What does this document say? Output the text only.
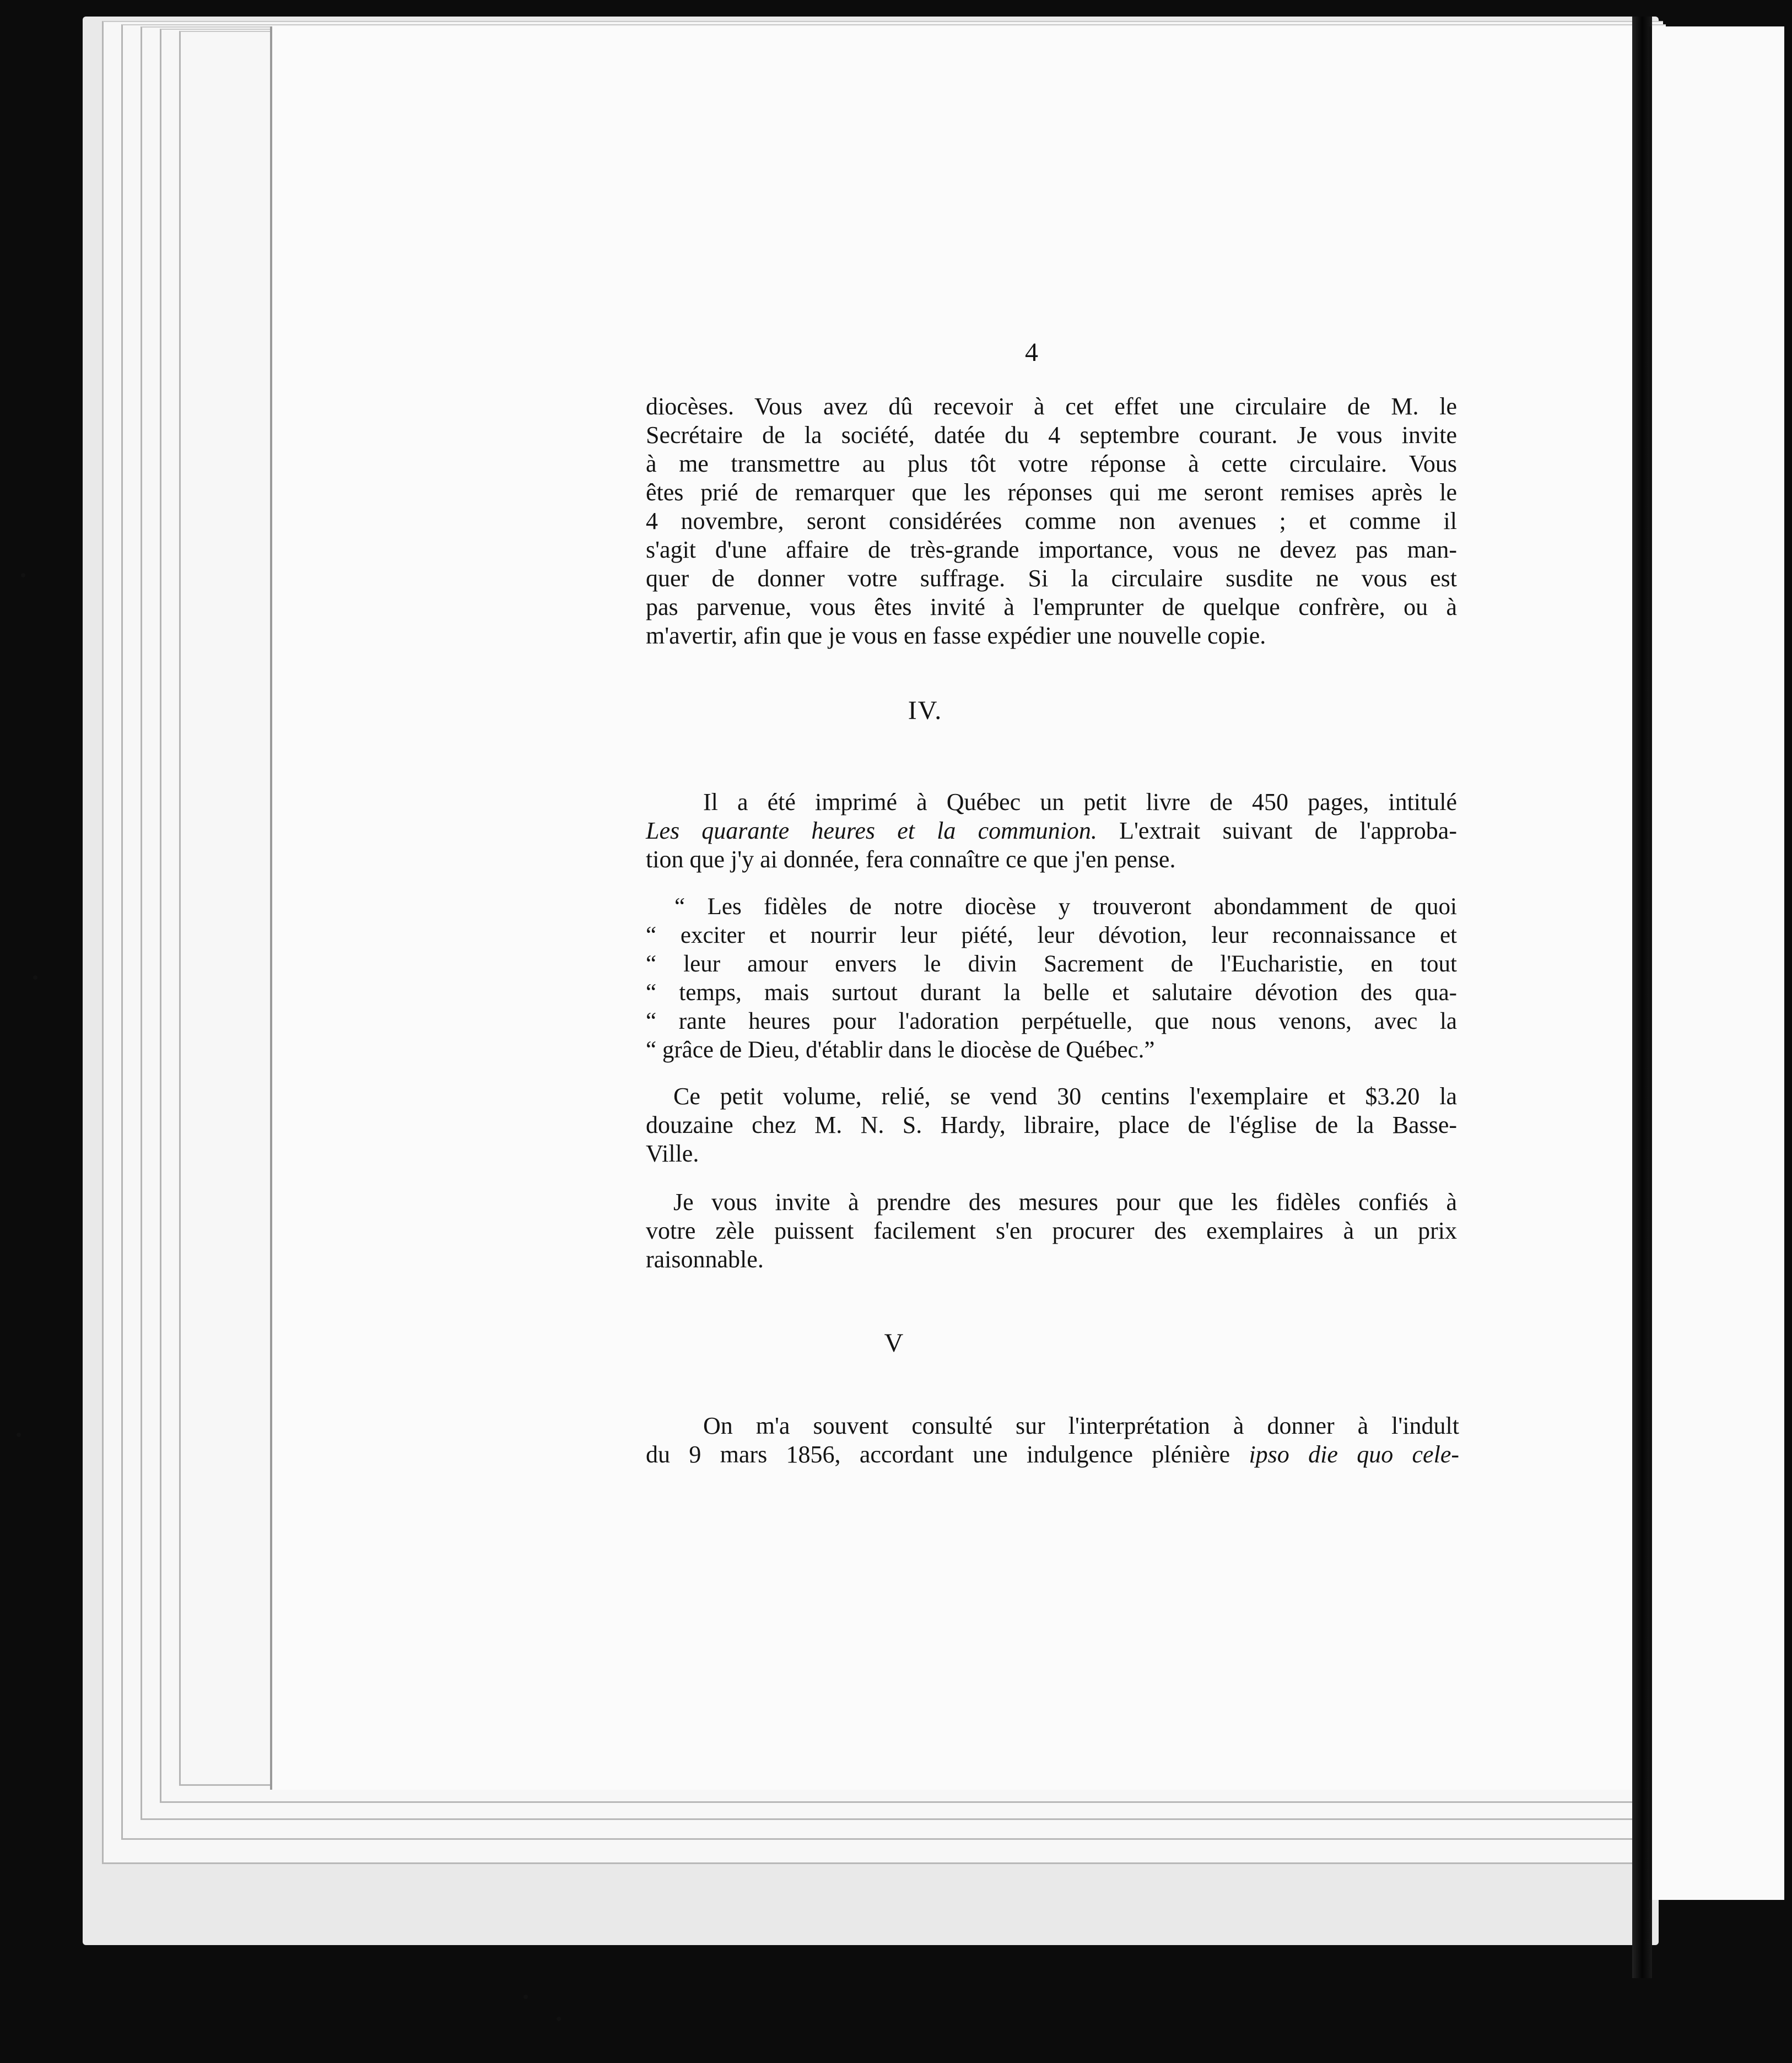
4
diocèses. Vous avez dû recevoir à cet effet une circulaire de M. le
Secrétaire de la société, datée du 4 septembre courant. Je vous invite
à me transmettre au plus tôt votre réponse à cette circulaire. Vous
êtes prié de remarquer que les réponses qui me seront remises après le
4 novembre, seront considérées comme non avenues ; et comme il
s'agit d'une affaire de très-grande importance, vous ne devez pas man-
quer de donner votre suffrage. Si la circulaire susdite ne vous est
pas parvenue, vous êtes invité à l'emprunter de quelque confrère, ou à
m'avertir, afin que je vous en fasse expédier une nouvelle copie.
IV.
Il a été imprimé à Québec un petit livre de 450 pages, intitulé
Les quarante heures et la communion. L'extrait suivant de l'approba-
tion que j'y ai donnée, fera connaître ce que j'en pense.
“ Les fidèles de notre diocèse y trouveront abondamment de quoi
“ exciter et nourrir leur piété, leur dévotion, leur reconnaissance et
“ leur amour envers le divin Sacrement de l'Eucharistie, en tout
“ temps, mais surtout durant la belle et salutaire dévotion des qua-
“ rante heures pour l'adoration perpétuelle, que nous venons, avec la
“ grâce de Dieu, d'établir dans le diocèse de Québec.”
Ce petit volume, relié, se vend 30 centins l'exemplaire et $3.20 la
douzaine chez M. N. S. Hardy, libraire, place de l'église de la Basse-
Ville.
Je vous invite à prendre des mesures pour que les fidèles confiés à
votre zèle puissent facilement s'en procurer des exemplaires à un prix
raisonnable.
V
On m'a souvent consulté sur l'interprétation à donner à l'indult
du 9 mars 1856, accordant une indulgence plénière ipso die quo cele-
